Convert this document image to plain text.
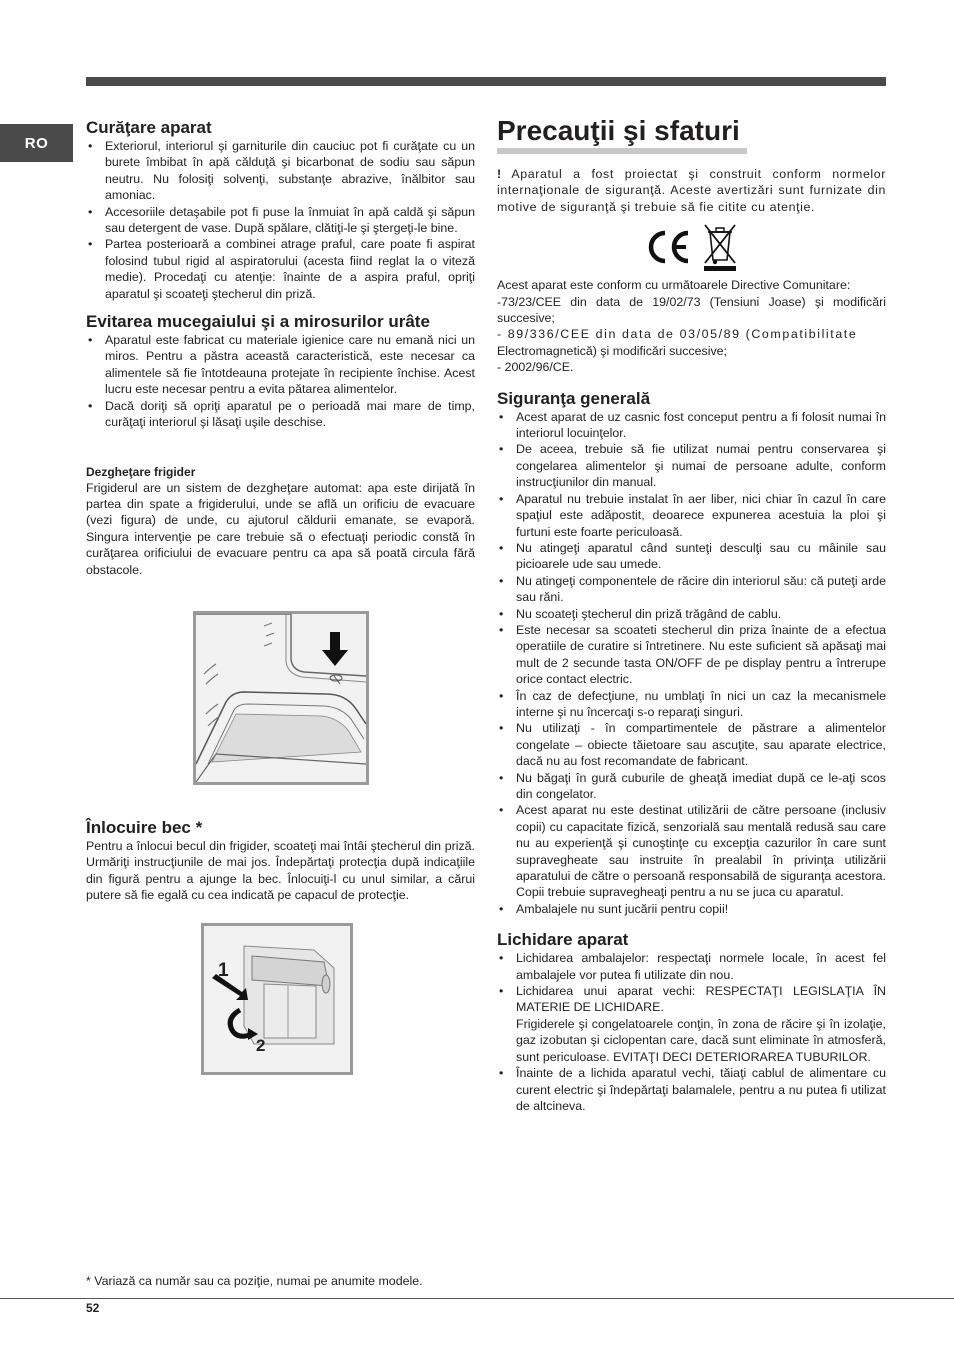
RO
Curăţare aparat
• Exteriorul, interiorul şi garniturile din cauciuc pot fi curăţate cu un burete îmbibat în apă călduţă şi bicarbonat de sodiu sau săpun neutru. Nu folosiţi solvenţi, substanţe abrazive, înălbitor sau amoniac.
• Accesoriile detaşabile pot fi puse la înmuiat în apă caldă şi săpun sau detergent de vase. După spălare, clătiţi-le şi ştergeţi-le bine.
• Partea posterioară a combinei atrage praful, care poate fi aspirat folosind tubul rigid al aspiratorului (acesta fiind reglat la o viteză medie). Procedaţi cu atenţie: înainte de a aspira praful, opriţi aparatul şi scoateţi ştecherul din priză.
Evitarea mucegaiului şi a mirosurilor urâte
• Aparatul este fabricat cu materiale igienice care nu emană nici un miros. Pentru a păstra această caracteristică, este necesar ca alimentele să fie întotdeauna protejate în recipiente închise. Acest lucru este necesar pentru a evita pătarea alimentelor.
• Dacă doriţi să opriţi aparatul pe o perioadă mai mare de timp, curăţaţi interiorul şi lăsaţi uşile deschise.

Dezgheţare frigider

Frigiderul are un sistem de dezgheţare automat: apa este dirijată în partea din spate a frigiderului, unde se află un orificiu de evacuare (vezi figura) de unde, cu ajutorul căldurii emanate, se evaporă. Singura intervenţie pe care trebuie să o efectuaţi periodic constă în curăţarea orificiului de evacuare pentru ca apa să poată circula fără obstacole.

Înlocuire bec *

Pentru a înlocui becul din frigider, scoateţi mai întâi ştecherul din priză. Urmăriţi instrucţiunile de mai jos. Îndepărtaţi protecţia după indicaţiile din figură pentru a ajunge la bec. Înlocuiţi-l cu unul similar, a cărui putere să fie egală cu cea indicată pe capacul de protecţie.

1
2
Precauţii şi sfaturi

! Aparatul a fost proiectat şi construit conform normelor internaţionale de siguranţă. Aceste avertizări sunt furnizate din motive de siguranţă şi trebuie să fie citite cu atenţie.

Acest aparat este conform cu următoarele Directive Comunitare:

-73/23/CEE din data de 19/02/73 (Tensiuni Joase) şi modificări succesive;

- 89/336/CEE din data de 03/05/89 (Compatibilitate

Electromagnetică) şi modificări succesive;

- 2002/96/CE.

Siguranţa generală
• Acest aparat de uz casnic fost conceput pentru a fi folosit numai în interiorul locuinţelor.
• De aceea, trebuie să fie utilizat numai pentru conservarea şi congelarea alimentelor şi numai de persoane adulte, conform instrucţiunilor din manual.
• Aparatul nu trebuie instalat în aer liber, nici chiar în cazul în care spaţiul este adăpostit, deoarece expunerea acestuia la ploi şi furtuni este foarte periculoasă.
• Nu atingeţi aparatul când sunteţi desculţi sau cu mâinile sau picioarele ude sau umede.
• Nu atingeţi componentele de răcire din interiorul său: că puteţi arde sau răni.
• Nu scoateţi ştecherul din priză trăgând de cablu.
• Este necesar sa scoateti stecherul din priza înainte de a efectua operatiile de curatire si întretinere. Nu este suficient să apăsaţi mai mult de 2 secunde tasta ON/OFF de pe display pentru a întrerupe orice contact electric.
• În caz de defecţiune, nu umblaţi în nici un caz la mecanismele interne şi nu încercaţi s-o reparaţi singuri.
• Nu utilizaţi - în compartimentele de păstrare a alimentelor congelate – obiecte tăietoare sau ascuţite, sau aparate electrice, dacă nu au fost recomandate de fabricant.
• Nu băgaţi în gură cuburile de gheaţă imediat după ce le-aţi scos din congelator.
• Acest aparat nu este destinat utilizării de către persoane (inclusiv copii) cu capacitate fizică, senzorială sau mentală redusă sau care nu au experienţă şi cunoştinţe cu excepţia cazurilor în care sunt supravegheate sau instruite în prealabil în privinţa utilizării aparatului de către o persoană responsabilă de siguranţa acestora. Copii trebuie supravegheaţi pentru a nu se juca cu aparatul.
• Ambalajele nu sunt jucării pentru copii!
Lichidare aparat
• Lichidarea ambalajelor: respectaţi normele locale, în acest fel ambalajele vor putea fi utilizate din nou.
• Lichidarea unui aparat vechi: RESPECTAŢI LEGISLAŢIA ÎN MATERIE DE LICHIDARE.
Frigiderele şi congelatoarele conţin, în zona de răcire şi în izolaţie, gaz izobutan şi ciclopentan care, dacă sunt eliminate în atmosferă, sunt periculoase. EVITAŢI DECI DETERIORAREA TUBURILOR.
• Înainte de a lichida aparatul vechi, tăiaţi cablul de alimentare cu curent electric şi îndepărtaţi balamalele, pentru a nu putea fi utilizat de altcineva.
* Variază ca număr sau ca poziţie, numai pe anumite modele.
52
